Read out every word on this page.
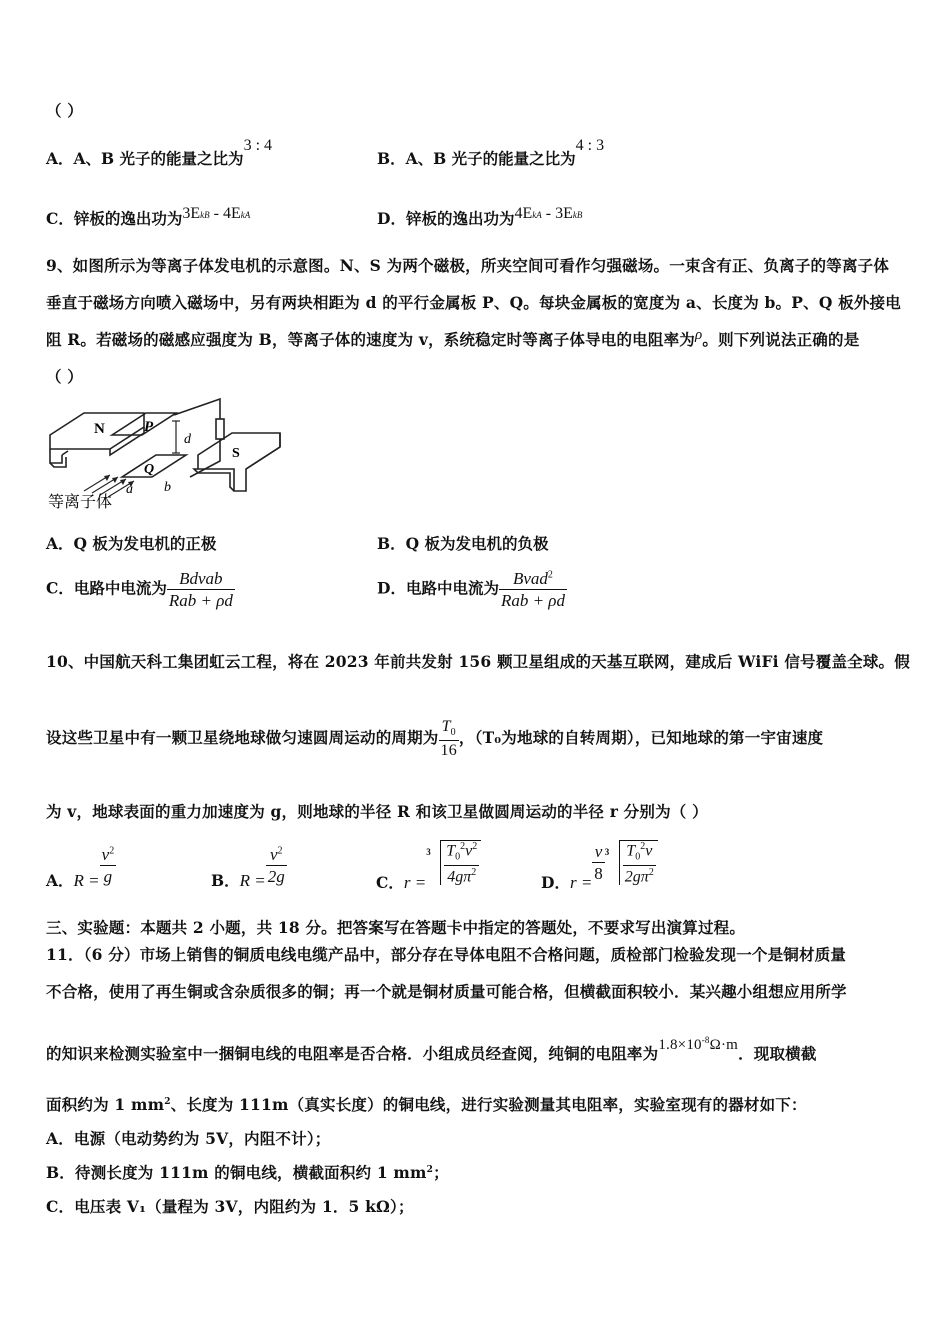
（ ）
A．A、B 光子的能量之比为3 : 4
B．A、B 光子的能量之比为4 : 3
C．锌板的逸出功为3EkB - 4EkA	D．锌板的逸出功为4EkA - 3EkB
9、如图所示为等离子体发电机的示意图。N、S 为两个磁极，所夹空间可看作匀强磁场。一束含有正、负离子的等离子体
垂直于磁场方向喷入磁场中，另有两块相距为 d 的平行金属板 P、Q。每块金属板的宽度为 a、长度为 b。P、Q 板外接电
阻 R。若磁场的磁感应强度为 B，等离子体的速度为 v，系统稳定时等离子体导电的电阻率为ρ。则下列说法正确的是
（ ）
N	P
d
S
Q
a b
等离子体
A．Q 板为发电机的正极	B．Q 板为发电机的负极
C．电路中电流为 $\frac{\text{Bdvab}}{\text{Rab + ρd}}$	D．电路中电流为 $\frac{Bvad^2}{\text{Rab + ρd}}$
10、中国航天科工集团虹云工程，将在 2023 年前共发射 156 颗卫星组成的天基互联网，建成后 WiFi 信号覆盖全球。假
设这些卫星中有一颗卫星绕地球做匀速圆周运动的周期为 $\frac{T_0}{16}$ ，（T₀为地球的自转周期），已知地球的第一宇宙速度
为 v，地球表面的重力加速度为 g，则地球的半径 R 和该卫星做圆周运动的半径 r 分别为（ ）
A．$R = \frac{v^2}{g}$	B．$R = \frac{v^2}{2g}$	C．r =
$3 \frac{T_0^2v^2}{4g\pi^2}$	D．r =
$\frac{v}{8} 3 \frac{T_0^2v}{2g\pi^2}$
三、实验题：本题共 2 小题，共 18 分。把答案写在答题卡中指定的答题处，不要求写出演算过程。
11．（6 分）市场上销售的铜质电线电缆产品中，部分存在导体电阻不合格问题，质检部门检验发现一个是铜材质量
不合格，使用了再生铜或含杂质很多的铜；再一个就是铜材质量可能合格，但横截面积较小．某兴趣小组想应用所学
的知识来检测实验室中一捆铜电线的电阻率是否合格．小组成员经查阅，纯铜的电阻率为$1.8\times 10^{-8}\Omega\cdot m$．现取横截
面积约为 1 $mm^2$、长度为 111m（真实长度）的铜电线，进行实验测量其电阻率，实验室现有的器材如下：
A．电源（电动势约为 5V，内阻不计）；
B．待测长度为 111m 的铜电线，横截面积约 1 $mm^2$；
C．电压表 V₁（量程为 3V，内阻约为 1．5 kΩ）；
